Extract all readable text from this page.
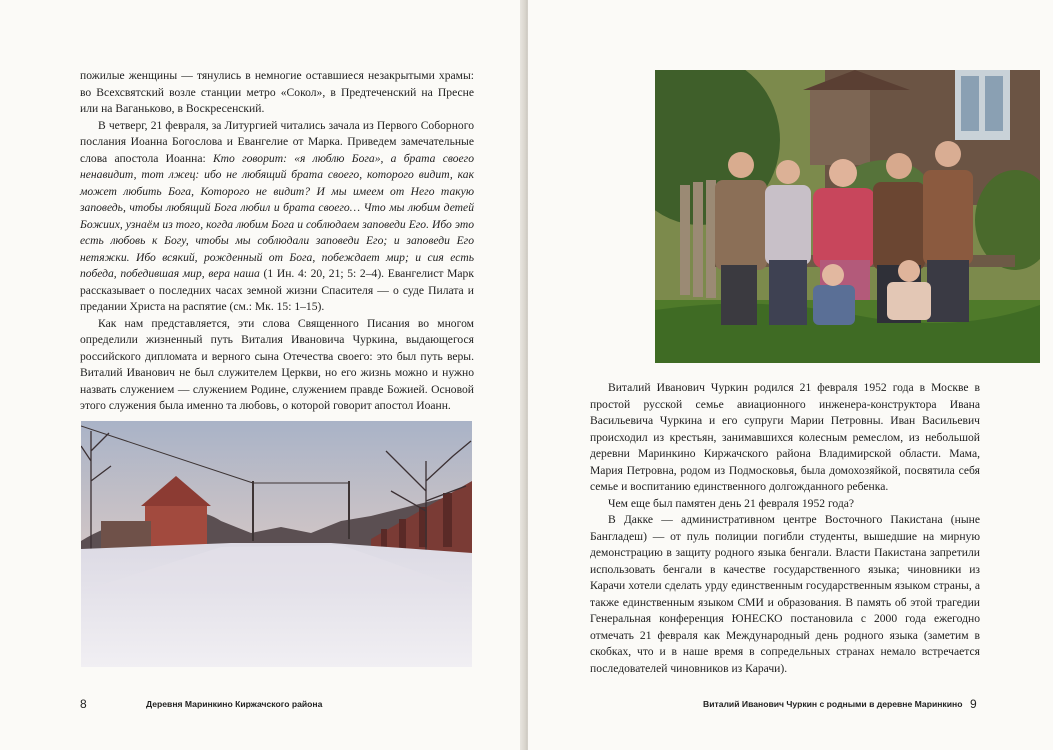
пожилые женщины — тянулись в немногие оставшиеся незакрытыми храмы: во Всехсвятский возле станции метро «Сокол», в Предтеченский на Пресне или на Ваганьково, в Воскресенский.

В четверг, 21 февраля, за Литургией читались зачала из Первого Соборного послания Иоанна Богослова и Евангелие от Марка. Приведем замечательные слова апостола Иоанна: Кто говорит: «я люблю Бога», а брата своего ненавидит, тот лжец: ибо не любящий брата своего, которого видит, как может любить Бога, Которого не видит? И мы имеем от Него такую заповедь, чтобы любящий Бога любил и брата своего… Что мы любим детей Божиих, узнаём из того, когда любим Бога и соблюдаем заповеди Его. Ибо это есть любовь к Богу, чтобы мы соблюдали заповеди Его; и заповеди Его нетяжки. Ибо всякий, рожденный от Бога, побеждает мир; и сия есть победа, победившая мир, вера наша (1 Ин. 4: 20, 21; 5: 2–4). Евангелист Марк рассказывает о последних часах земной жизни Спасителя — о суде Пилата и предании Христа на распятие (см.: Мк. 15: 1–15).

Как нам представляется, эти слова Священного Писания во многом определили жизненный путь Виталия Ивановича Чуркина, выдающегося российского дипломата и верного сына Отечества своего: это был путь веры. Виталий Иванович не был служителем Церкви, но его жизнь можно и нужно назвать служением — служением Родине, служением правде Божией. Основой этого служения была именно та любовь, о которой говорит апостол Иоанн.

8	Деревня Маринкино Киржачского района

Виталий Иванович Чуркин родился 21 февраля 1952 года в Москве в простой русской семье авиационного инженера-конструктора Ивана Васильевича Чуркина и его супруги Марии Петровны. Иван Васильевич происходил из крестьян, занимавшихся колесным ремеслом, из небольшой деревни Маринкино Киржачского района Владимирской области. Мама, Мария Петровна, родом из Подмосковья, была домохозяйкой, посвятила себя семье и воспитанию единственного долгожданного ребенка.

Чем еще был памятен день 21 февраля 1952 года?

В Дакке — административном центре Восточного Пакистана (ныне Бангладеш) — от пуль полиции погибли студенты, вышедшие на мирную демонстрацию в защиту родного языка бенгали. Власти Пакистана запретили использовать бенгали в качестве государственного языка; чиновники из Карачи хотели сделать урду единственным государственным языком страны, а также единственным языком СМИ и образования. В память об этой трагедии Генеральная конференция ЮНЕСКО постановила с 2000 года ежегодно отмечать 21 февраля как Международный день родного языка (заметим в скобках, что и в наше время в сопредельных странах немало встречается последователей чиновников из Карачи).

Виталий Иванович Чуркин с родными в деревне Маринкино 9
